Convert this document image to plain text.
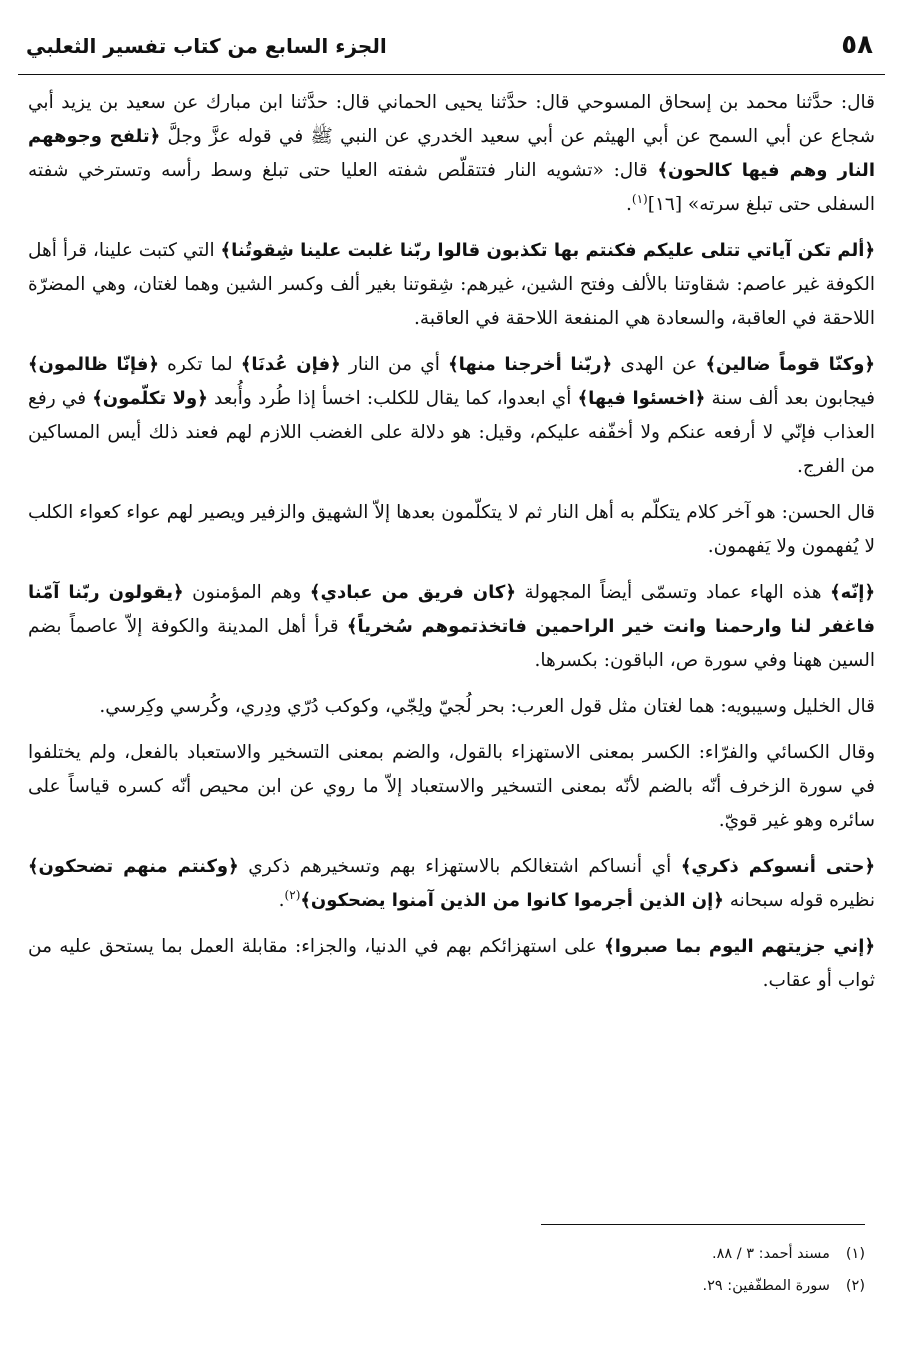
٥٨
الجزء السابع من كتاب تفسير الثعلبي

قال: حدَّثنا محمد بن إسحاق المسوحي قال: حدَّثنا يحيى الحماني قال: حدَّثنا ابن مبارك عن سعيد بن يزيد أبي شجاع عن أبي السمح عن أبي الهيثم عن أبي سعيد الخدري عن النبي ﷺ في قوله عزَّ وجلَّ ﴿تلفح وجوههم النار وهم فيها كالحون﴾ قال: «تشويه النار فتتقلّص شفته العليا حتى تبلغ وسط رأسه وتسترخي شفته السفلى حتى تبلغ سرته» [١٦]$^{(١)}$.

﴿ألم تكن آياتي تتلى عليكم فكنتم بها تكذبون قالوا ربّنا غلبت علينا شِقوتُنا﴾ التي كتبت علينا، قرأ أهل الكوفة غير عاصم: شقاوتنا بالألف وفتح الشين، غيرهم: شِقوتنا بغير ألف وكسر الشين وهما لغتان، وهي المضرّة اللاحقة في العاقبة، والسعادة هي المنفعة اللاحقة في العاقبة.

﴿وكنّا قوماً ضالين﴾ عن الهدى ﴿ربّنا أخرجنا منها﴾ أي من النار ﴿فإن عُدنَا﴾ لما تكره ﴿فإنّا ظالمون﴾ فيجابون بعد ألف سنة ﴿اخسئوا فيها﴾ أي ابعدوا، كما يقال للكلب: اخسأ إذا طُرد وأُبعد ﴿ولا تكلّمون﴾ في رفع العذاب فإنّي لا أرفعه عنكم ولا أخفّفه عليكم، وقيل: هو دلالة على الغضب اللازم لهم فعند ذلك أيس المساكين من الفرج.

قال الحسن: هو آخر كلام يتكلّم به أهل النار ثم لا يتكلّمون بعدها إلاّ الشهيق والزفير ويصير لهم عواء كعواء الكلب لا يُفهمون ولا يَفهمون.

﴿إنّه﴾ هذه الهاء عماد وتسمّى أيضاً المجهولة ﴿كان فريق من عبادي﴾ وهم المؤمنون ﴿يقولون ربّنا آمّنا فاغفر لنا وارحمنا وانت خير الراحمين فاتخذتموهم سُخرياً﴾ قرأ أهل المدينة والكوفة إلاّ عاصماً بضم السين ههنا وفي سورة ص، الباقون: بكسرها.

قال الخليل وسيبويه: هما لغتان مثل قول العرب: بحر لُجيّ ولِجّي، وكوكب دُرّي ودِري، وكُرسي وكِرسي.

وقال الكسائي والفرّاء: الكسر بمعنى الاستهزاء بالقول، والضم بمعنى التسخير والاستعباد بالفعل، ولم يختلفوا في سورة الزخرف أنّه بالضم لأنّه بمعنى التسخير والاستعباد إلاّ ما روي عن ابن محيص أنّه كسره قياساً على سائره وهو غير قويّ.

﴿حتى أنسوكم ذكري﴾ أي أنساكم اشتغالكم بالاستهزاء بهم وتسخيرهم ذكري ﴿وكنتم منهم تضحكون﴾ نظيره قوله سبحانه ﴿إن الذين أجرموا كانوا من الذين آمنوا يضحكون﴾$^{(٢)}$.

﴿إني جزيتهم اليوم بما صبروا﴾ على استهزائكم بهم في الدنيا، والجزاء: مقابلة العمل بما يستحق عليه من ثواب أو عقاب.

(١)مسند أحمد: ٣ / ٨٨.
(٢)سورة المطفّفين: ٢٩.
